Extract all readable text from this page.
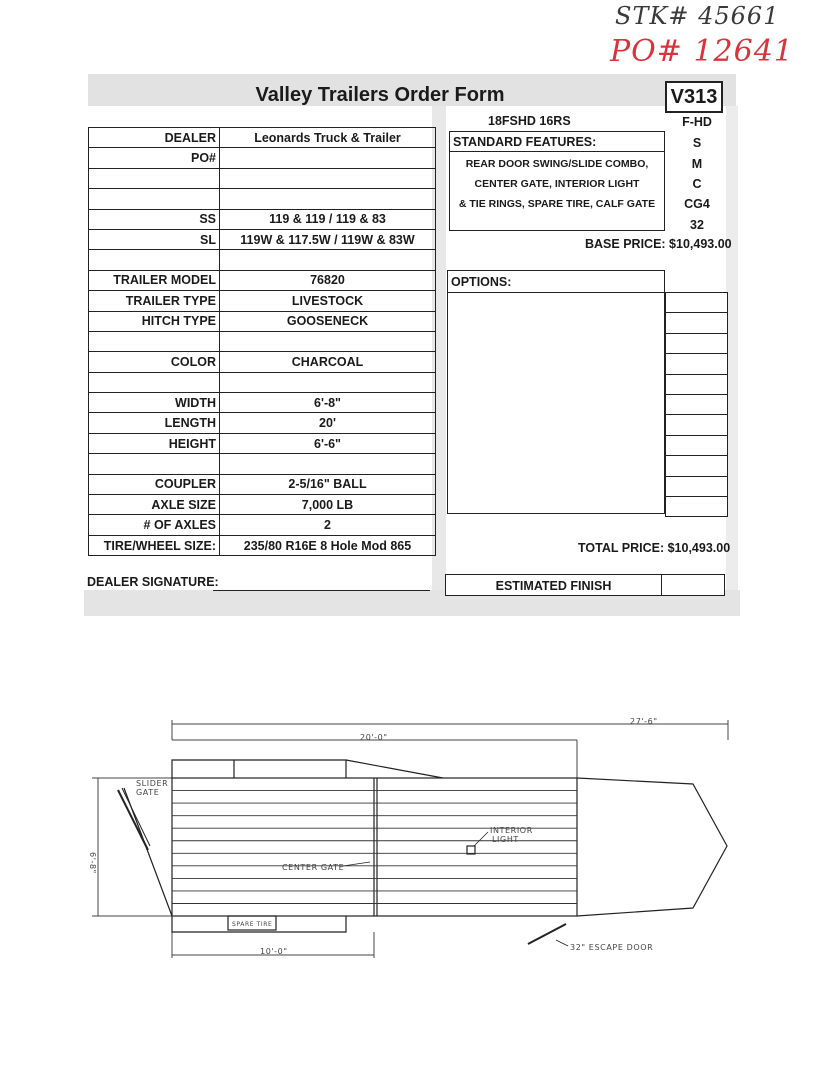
STK# 45661
PO# 12641
Valley Trailers Order Form	V313
18FSHD 16RS	F-HD
S
M
C
CG4
32
DEALER	Leonards Truck & Trailer
PO#	

SS	119 & 119 / 119 & 83
SL	119W & 117.5W / 119W & 83W

TRAILER MODEL	76820
TRAILER TYPE	LIVESTOCK
HITCH TYPE	GOOSENECK

COLOR	CHARCOAL

WIDTH	6'-8"
LENGTH	20'
HEIGHT	6'-6"

COUPLER	2-5/16" BALL
AXLE SIZE	7,000 LB
# OF AXLES	2
TIRE/WHEEL SIZE:	235/80 R16E 8 Hole Mod 865
STANDARD FEATURES:
REAR DOOR SWING/SLIDE COMBO,
CENTER GATE, INTERIOR LIGHT
& TIE RINGS, SPARE TIRE, CALF GATE
BASE PRICE: $10,493.00
OPTIONS:

TOTAL PRICE: $10,493.00
DEALER SIGNATURE:	ESTIMATED FINISH
27'-6"
20'-0"
10'-0"
6'-8"
SLIDER
GATE
CENTER GATE
INTERIOR
LIGHT
SPARE TIRE
32" ESCAPE DOOR
